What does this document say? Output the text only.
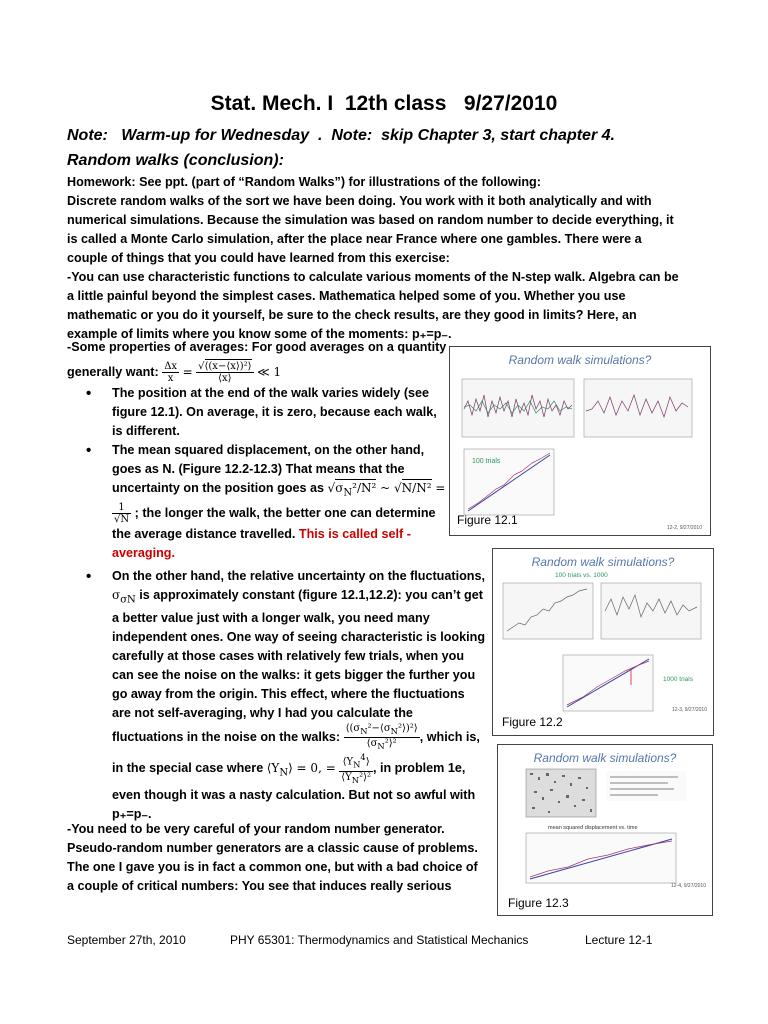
Stat. Mech. I  12th class   9/27/2010
Note:   Warm-up for Wednesday  .  Note:  skip Chapter 3, start chapter 4.
Random walks (conclusion):

Homework: See ppt. (part of “Random Walks”) for illustrations of the following:

Discrete random walks of the sort we have been doing. You work with it both analytically and with numerical simulations. Because the simulation was based on random number to decide everything, it is called a Monte Carlo simulation, after the place near France where one gambles. There were a couple of things that you could have learned from this exercise:

-You can use characteristic functions to calculate various moments of the N-step walk. Algebra can be a little painful beyond the simplest cases. Mathematica helped some of you. Whether you use mathematic or you do it yourself, be sure to the check results, are they good in limits? Here, an example of limits where you know some of the moments: p₊=p₋.

-Some properties of averages: For good averages on a quantity

generally want: $\frac{\Delta x}{x} = \frac{\text{√⟨(x−⟨x⟩)²⟩}}{⟨x⟩}$ ≪ 1

• The position at the end of the walk varies widely (see figure 12.1). On average, it is zero, because each walk, is different.
• The mean squared displacement, on the other hand, goes as N. (Figure 12.2-12.3) That means that the uncertainty on the position goes as $√\sigma_N^2/N^2$ ~ √N/N² =
$\frac{1}{√N}$ ; the longer the walk, the better one can determine the average distance travelled. This is called self -averaging.
• On the other hand, the relative uncertainty on the fluctuations, $\sigma_{\sigma N}$ is approximately constant (figure 12.1,12.2): you can’t get a better value just with a longer walk, you need many independent ones. One way of seeing characteristic is looking carefully at those cases with relatively few trials, when you can see the noise on the walks: it gets bigger the further you go away from the origin. This effect, where the fluctuations are not self-averaging, why I had you calculate the fluctuations in the noise on the walks: $\frac{⟨(\sigma_N^2-⟨\sigma_N^2⟩)^2⟩}{⟨\sigma_N^2⟩^2}$ , which is, in the special case where $⟨Y_N⟩ = 0$, = $\frac{⟨Y_N^4⟩}{⟨Y_N^2⟩^2}$ , in problem 1e, even though it was a nasty calculation. But not so awful with p₊=p₋.

-You need to be very careful of your random number generator.

Pseudo-random number generators are a classic cause of problems.

The one I gave you is in fact a common one, but with a bad choice of a couple of critical numbers: You see that induces really serious

Random walk simulations?
100 trials
12-2, 9/27/2010
Figure 12.1
Random walk simulations?
100 trials vs. 1000
1000 trials
12-3, 9/27/2010
Figure 12.2
Random walk simulations?
mean squared displacement vs. time
12-4, 9/27/2010
Figure 12.3
September 27th, 2010	PHY 65301: Thermodynamics and Statistical Mechanics	Lecture 12-1
